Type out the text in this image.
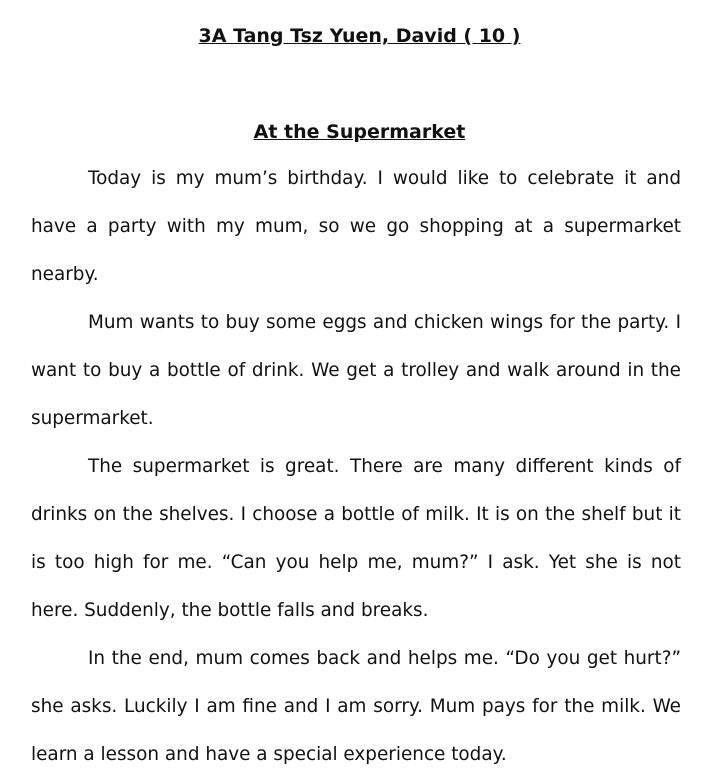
3A Tang Tsz Yuen, David ( 10 )
At the Supermarket

Today is my mum’s birthday. I would like to celebrate it and have a party with my mum, so we go shopping at a supermarket nearby.

Mum wants to buy some eggs and chicken wings for the party. I want to buy a bottle of drink. We get a trolley and walk around in the supermarket.

The supermarket is great. There are many different kinds of drinks on the shelves. I choose a bottle of milk. It is on the shelf but it is too high for me. “Can you help me, mum?” I ask. Yet she is not here. Suddenly, the bottle falls and breaks.

In the end, mum comes back and helps me. “Do you get hurt?” she asks. Luckily I am fine and I am sorry. Mum pays for the milk. We learn a lesson and have a special experience today.
